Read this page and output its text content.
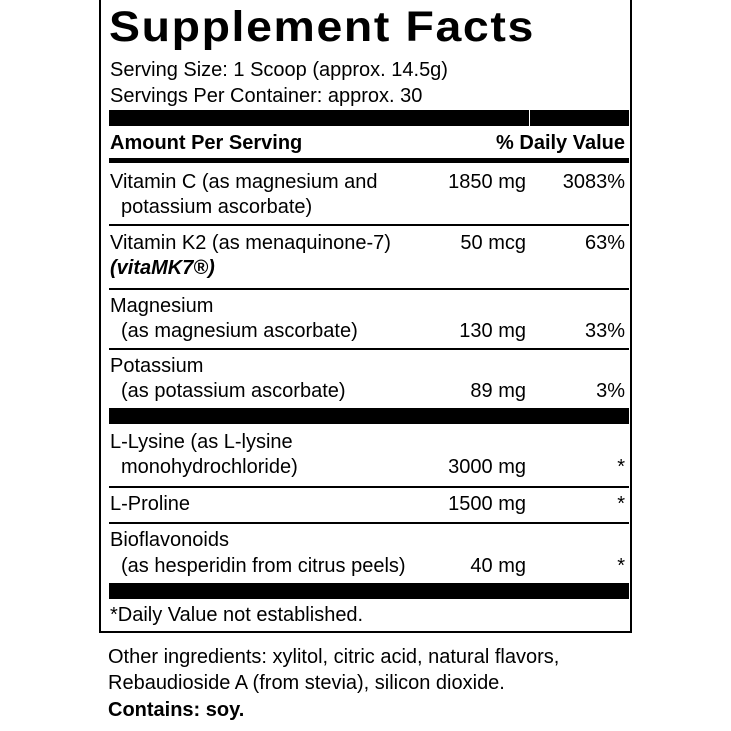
Supplement Facts
Serving Size: 1 Scoop (approx. 14.5g)
Servings Per Container: approx. 30
Amount Per Serving	% Daily Value
Vitamin C (as magnesium and
potassium ascorbate)
1850 mg 3083%
Vitamin K2 (as menaquinone-7)
(vitaMK7®)
50 mcg	63%
Magnesium
(as magnesium ascorbate)	130 mg	33%
Potassium
(as potassium ascorbate)	89 mg	3%
L-Lysine (as L-lysine
monohydrochloride)	3000 mg	*
L-Proline	1500 mg	*
Bioflavonoids
(as hesperidin from citrus peels)	40 mg	*
*Daily Value not established.
Other ingredients: xylitol, citric acid, natural flavors,
Rebaudioside A (from stevia), silicon dioxide.
Contains: soy.
